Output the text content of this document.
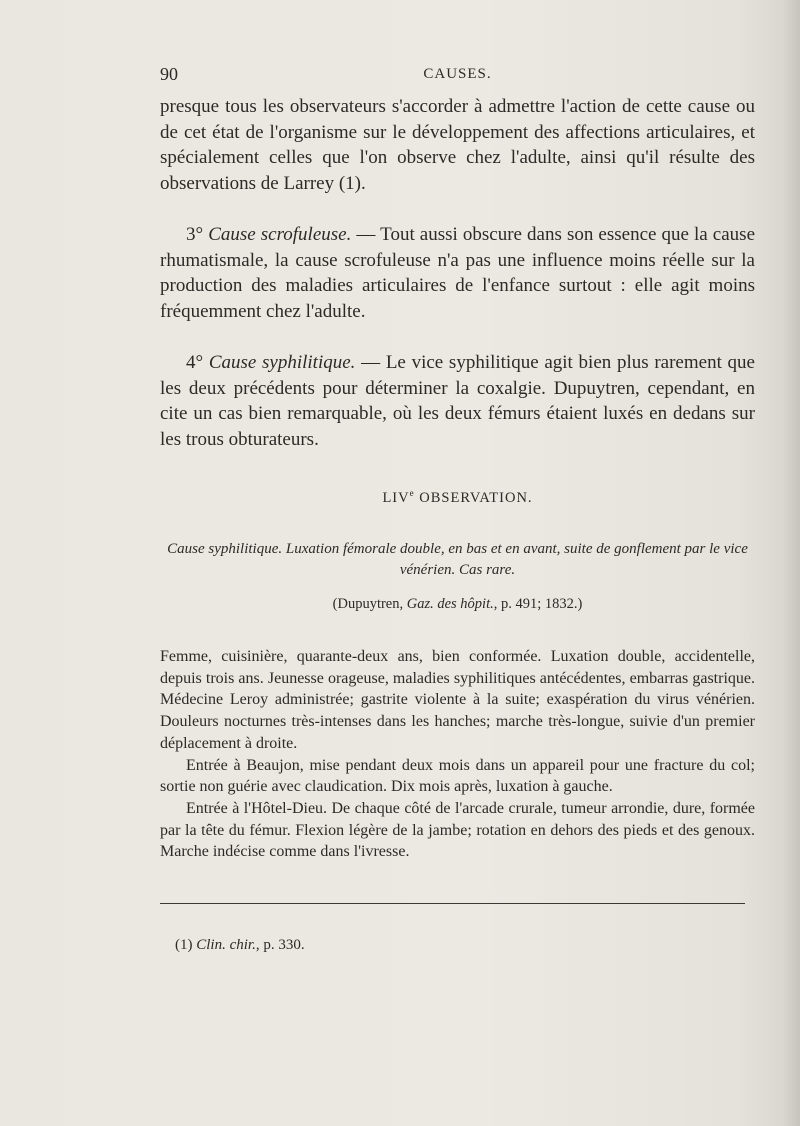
90	CAUSES.

presque tous les observateurs s'accorder à admettre l'action de cette cause ou de cet état de l'organisme sur le développement des affections articulaires, et spécialement celles que l'on observe chez l'adulte, ainsi qu'il résulte des observations de Larrey (1).

3° Cause scrofuleuse. — Tout aussi obscure dans son essence que la cause rhumatismale, la cause scrofuleuse n'a pas une influence moins réelle sur la production des maladies articulaires de l'enfance surtout : elle agit moins fréquemment chez l'adulte.

4° Cause syphilitique. — Le vice syphilitique agit bien plus rarement que les deux précédents pour déterminer la coxalgie. Dupuytren, cependant, en cite un cas bien remarquable, où les deux fémurs étaient luxés en dedans sur les trous obturateurs.

LIVe OBSERVATION.
Cause syphilitique. Luxation fémorale double, en bas et en avant, suite de gonflement par le vice vénérien. Cas rare.
(Dupuytren, Gaz. des hôpit., p. 491; 1832.)

Femme, cuisinière, quarante-deux ans, bien conformée. Luxation double, accidentelle, depuis trois ans. Jeunesse orageuse, maladies syphilitiques antécédentes, embarras gastrique. Médecine Leroy administrée; gastrite violente à la suite; exaspération du virus vénérien. Douleurs nocturnes très-intenses dans les hanches; marche très-longue, suivie d'un premier déplacement à droite.

Entrée à Beaujon, mise pendant deux mois dans un appareil pour une fracture du col; sortie non guérie avec claudication. Dix mois après, luxation à gauche.

Entrée à l'Hôtel-Dieu. De chaque côté de l'arcade crurale, tumeur arrondie, dure, formée par la tête du fémur. Flexion légère de la jambe; rotation en dehors des pieds et des genoux. Marche indécise comme dans l'ivresse.

(1) Clin. chir., p. 330.
